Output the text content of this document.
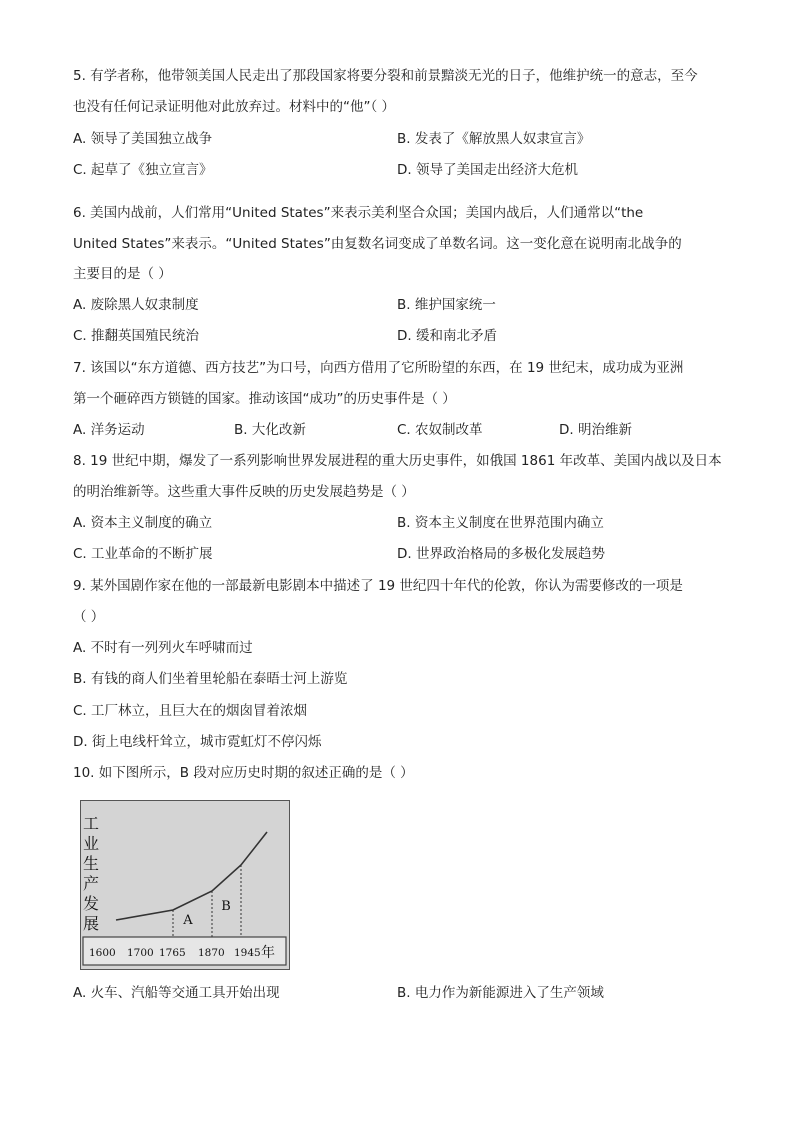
5. 有学者称，他带领美国人民走出了那段国家将要分裂和前景黯淡无光的日子，他维护统一的意志，至今
也没有任何记录证明他对此放弃过。材料中的“他”（ ）
A. 领导了美国独立战争	B. 发表了《解放黑人奴隶宣言》
C. 起草了《独立宣言》	D. 领导了美国走出经济大危机
6. 美国内战前，人们常用“United States”来表示美利坚合众国；美国内战后，人们通常以“the
United States”来表示。“United States”由复数名词变成了单数名词。这一变化意在说明南北战争的
主要目的是（ ）
A. 废除黑人奴隶制度	B. 维护国家统一
C. 推翻英国殖民统治	D. 缓和南北矛盾
7. 该国以“东方道德、西方技艺”为口号，向西方借用了它所盼望的东西，在 19 世纪末，成功成为亚洲
第一个砸碎西方锁链的国家。推动该国“成功”的历史事件是（ ）
A. 洋务运动	B. 大化改新	C. 农奴制改革	D. 明治维新
8. 19 世纪中期，爆发了一系列影响世界发展进程的重大历史事件，如俄国 1861 年改革、美国内战以及日本
的明治维新等。这些重大事件反映的历史发展趋势是（ ）
A. 资本主义制度的确立	B. 资本主义制度在世界范围内确立
C. 工业革命的不断扩展	D. 世界政治格局的多极化发展趋势
9. 某外国剧作家在他的一部最新电影剧本中描述了 19 世纪四十年代的伦敦，你认为需要修改的一项是
（ ）
A. 不时有一列列火车呼啸而过
B. 有钱的商人们坐着里轮船在泰晤士河上游览
C. 工厂林立，且巨大在的烟囱冒着浓烟
D. 街上电线杆耸立，城市霓虹灯不停闪烁
10. 如下图所示，B 段对应历史时期的叙述正确的是（ ）
工
业
生
产
发
展
1600 1700 1765 1870 1945 年
A
B
A. 火车、汽船等交通工具开始出现	B. 电力作为新能源进入了生产领域
